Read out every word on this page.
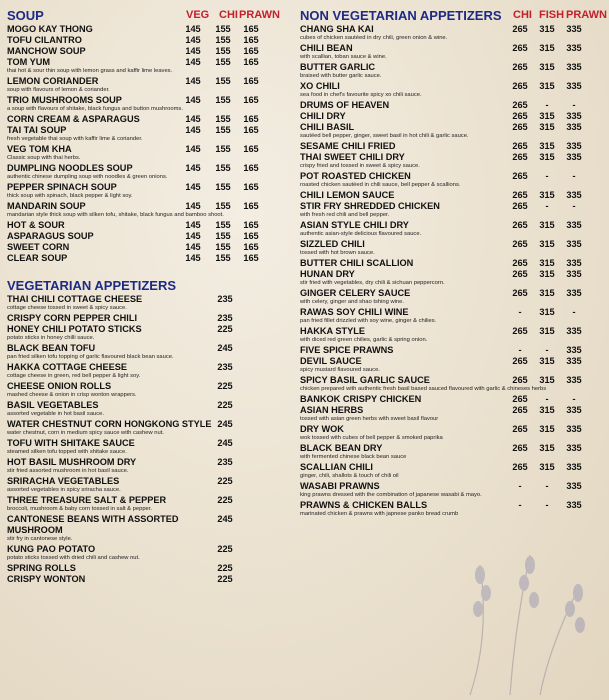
SOUP	VEG CHI PRAWN
MOGO KAY THONG	145	155	165
TOFU CILANTRO	145	155	165
MANCHOW SOUP	145	155	165
TOM YUM	145	155	165
thai hot & sour thin soup with lemon grass and kaffir lime leaves.
LEMON CORIANDER	145	155	165
soup with flavours of lemon & coriander.
TRIO MUSHROOMS SOUP	145	155	165
a soup with flavours of shitake, black fungus and button mushrooms.
CORN CREAM & ASPARAGUS	145	155	165
TAI TAI SOUP	145	155	165
fresh vegetable thai soup with kaffir lime & coriander.
VEG TOM KHA	145	155	165
Classic soup with thai herbs.
DUMPLING NOODLES SOUP	145	155	165
authentic chinese dumpling soup with noodles & green onions.
PEPPER SPINACH SOUP	145	155	165
thick soup with spinach, black pepper & light soy.
MANDARIN SOUP	145	155	165
mandarian style thick soup with silken tofu, shitake, black fungus and bamboo shoot.
HOT & SOUR	145	155	165
ASPARAGUS SOUP	145	155	165
SWEET CORN	145	155	165
CLEAR SOUP	145	155	165
VEGETARIAN APPETIZERS
THAI CHILI COTTAGE CHEESE	235
cottage cheese tossed in sweet & spicy sauce.
CRISPY CORN PEPPER CHILI	235
HONEY CHILI POTATO STICKS	225
potato sticks in honey chilli sauce.
BLACK BEAN TOFU	245
pan fried silken tofu topping of garlic flavoured black bean sauce.
HAKKA COTTAGE CHEESE	235
cottage cheese in green, red bell pepper & light soy.
CHEESE ONION ROLLS	225
mashed cheese & onion in crisp wonton wrappers.
BASIL VEGETABLES	225
assorted vegetable in hot basil sauce.
WATER CHESTNUT CORN HONGKONG STYLE 245
water chestnut, corn in medium spicy sauce with cashew nut.
TOFU WITH SHITAKE SAUCE	245
steamed silken tofu topped with shitake sauce.
HOT BASIL MUSHROOM DRY	235
stir fried assorted mushroom in hot basil sauce.
SRIRACHA VEGETABLES	225
assorted vegetables in spicy sriracha sauce.
THREE TREASURE SALT & PEPPER	225
broccoli, mushroom & baby corn tossed in salt & pepper.
CANTONESE BEANS WITH ASSORTED	245
MUSHROOM
stir fry in cantonese style.
KUNG PAO POTATO	225
potato sticks tossed with dried chili and cashew nut.
SPRING ROLLS	225
CRISPY WONTON	225
NON VEGETARIAN APPETIZERS CHI FISH PRAWN
CHANG SHA KAI	265	315	335
cubes of chicken sautéed in dry chili, green onion & wine.
CHILI BEAN	265	315	335
with scallian, toban sauce & wine.
BUTTER GARLIC	265	315	335
braised with butter garlic sauce.
XO CHILI	265	315	335
sea food in chef's favourite spicy xo chili sauce.
DRUMS OF HEAVEN	265	-	-
CHILI DRY	265	315	335
CHILI BASIL	265	315	335
sautéed bell pepper, ginger, sweet basil in hot chili & garlic sauce.
SESAME CHILI FRIED	265	315	335
THAI SWEET CHILI DRY	265	315	335
crispy fried and tossed in sweet & spicy sauce.
POT ROASTED CHICKEN	265	-	-
roasted chicken sautéed in chili sauce, bell pepper & scallions.
CHILI LEMON SAUCE	265	315	335
STIR FRY SHREDDED CHICKEN	265	-	-
with fresh red chili and bell pepper.
ASIAN STYLE CHILI DRY	265	315	335
authentic asian-style delicious flavoured sauce.
SIZZLED CHILI	265	315	335
tossed with hot brown sauce.
BUTTER CHILI SCALLION	265	315	335
HUNAN DRY	265	315	335
stir fried with vegetables, dry chili & sichuan peppercorn.
GINGER CELERY SAUCE	265	315	335
with celery, ginger and shao tshing wine.
RAWAS SOY CHILI WINE	-	315	-
pan fried fillet drizzled with soy wine, ginger & chilies.
HAKKA STYLE	265	315	335
with diced red green chilies, garlic & spring onion.
FIVE SPICE PRAWNS	-	-	335
DEVIL SAUCE	265	315	335
spicy mustard flavoured sauce.
SPICY BASIL GARLIC SAUCE	265	315	335
chicken prepared with authentic fresh basil based sauced flavoured with garlic & chineses herbs
BANKOK CRISPY CHICKEN	265	-	-
ASIAN HERBS	265	315	335
tossed with asian green herbs with sweet basil flavour
DRY WOK	265	315	335
wok tossed with cubes of bell pepper & smoked paprika
BLACK BEAN DRY	265	315	335
with fermented chinese black bean sauce
SCALLIAN CHILI	265	315	335
ginger, chili, shallots & touch of chili oil
WASABI PRAWNS	-	-	335
king prawns dressed with the combination of japanese wasabi & mayo.
PRAWNS & CHICKEN BALLS	-	-	335
marinated chicken & prawns with japnese panko bread crumb
